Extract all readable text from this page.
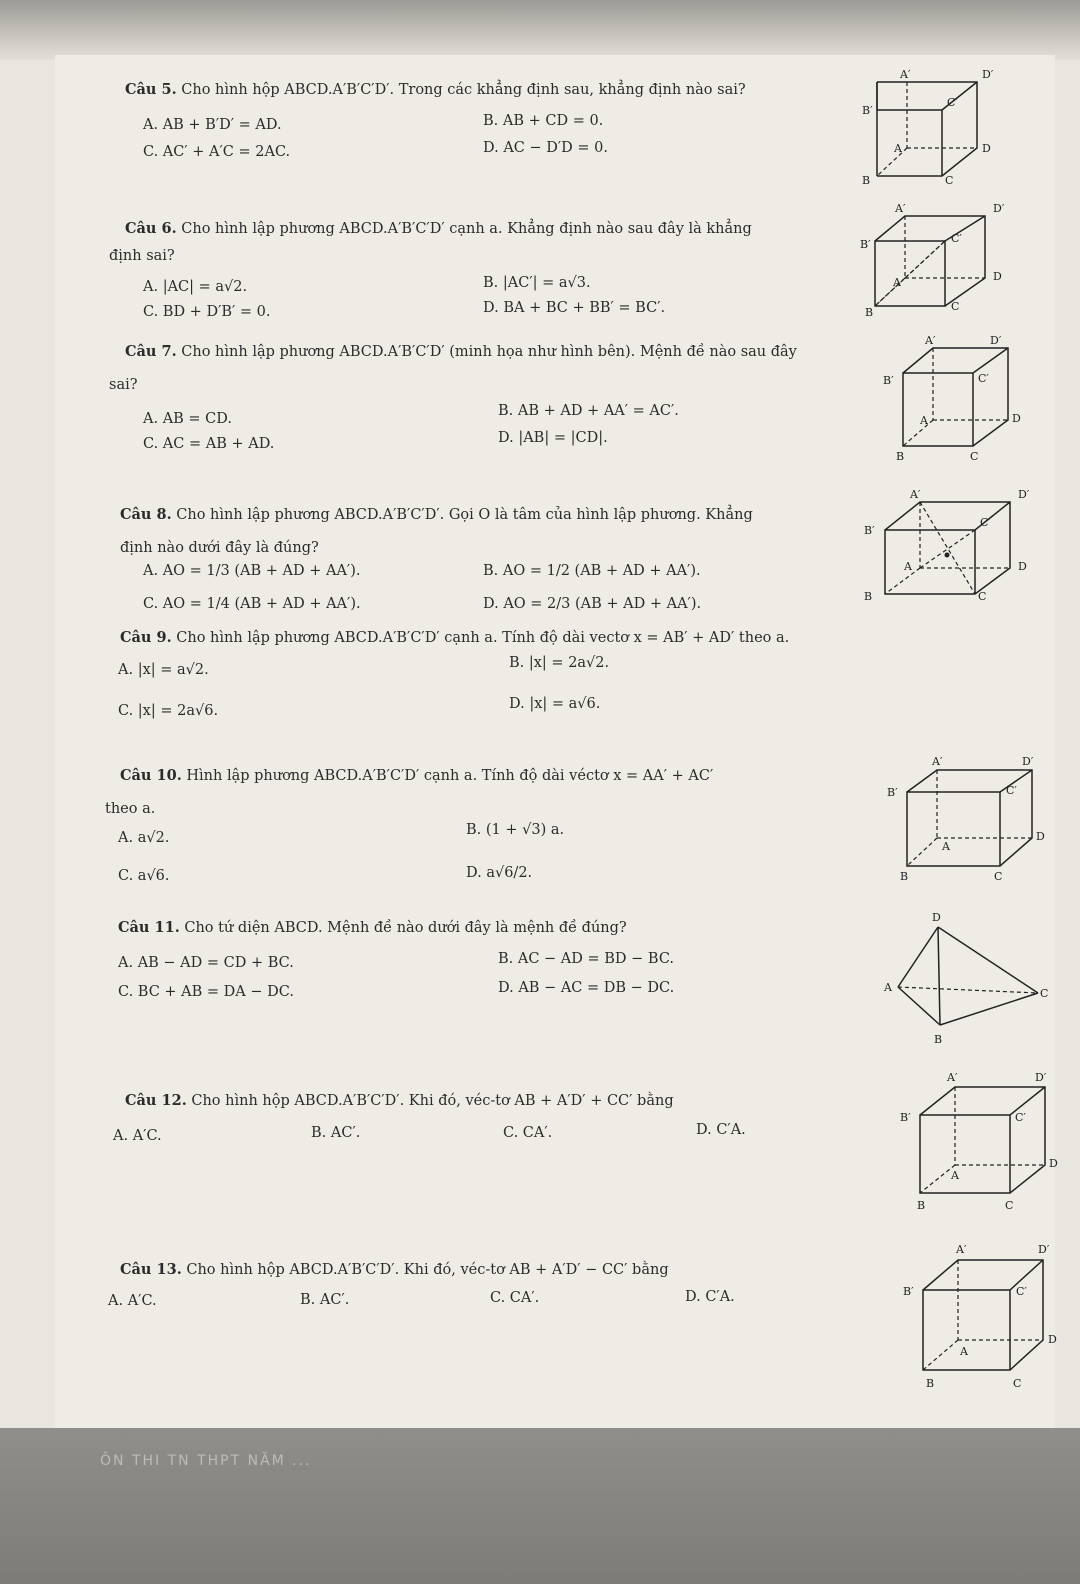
Câu 5. Cho hình hộp ABCD.A′B′C′D′. Trong các khẳng định sau, khẳng định nào sai?
A. AB + B′D′ = AD.	B. AB + CD = 0.
C. AC′ + A′C = 2AC.	D. AC − D′D = 0.
Câu 6. Cho hình lập phương ABCD.A′B′C′D′ cạnh a. Khẳng định nào sau đây là khẳng
định sai?
A. |AC| = a√2.	B. |AC′| = a√3.
C. BD + D′B′ = 0.	D. BA + BC + BB′ = BC′.
Câu 7. Cho hình lập phương ABCD.A′B′C′D′ (minh họa như hình bên). Mệnh đề nào sau đây
sai?
A. AB = CD.	B. AB + AD + AA′ = AC′.
C. AC = AB + AD.	D. |AB| = |CD|.
Câu 8. Cho hình lập phương ABCD.A′B′C′D′. Gọi O là tâm của hình lập phương. Khẳng
định nào dưới đây là đúng?
A. AO = 1/3 (AB + AD + AA′).	B. AO = 1/2 (AB + AD + AA′).
C. AO = 1/4 (AB + AD + AA′).	D. AO = 2/3 (AB + AD + AA′).
Câu 9. Cho hình lập phương ABCD.A′B′C′D′ cạnh a. Tính độ dài vectơ x = AB′ + AD′ theo a.
A. |x| = a√2.	B. |x| = 2a√2.
C. |x| = 2a√6.	D. |x| = a√6.
Câu 10. Hình lập phương ABCD.A′B′C′D′ cạnh a. Tính độ dài véctơ x = AA′ + AC′
theo a.
A. a√2.	B. (1 + √3) a.
C. a√6.	D. a√6/2.
Câu 11. Cho tứ diện ABCD. Mệnh đề nào dưới đây là mệnh đề đúng?
A. AB − AD = CD + BC.	B. AC − AD = BD − BC.
C. BC + AB = DA − DC.	D. AB − AC = DB − DC.
Câu 12. Cho hình hộp ABCD.A′B′C′D′. Khi đó, véc-tơ AB + A′D′ + CC′ bằng
A. A′C.	B. AC′.	C. CA′.	D. C′A.
Câu 13. Cho hình hộp ABCD.A′B′C′D′. Khi đó, véc-tơ AB + A′D′ − CC′ bằng
A. A′C.	B. AC′.	C. CA′.	D. C′A.
A′	D′
B′
C′
A	D
B	C
A′	D′
B′	C′
A	D
B	C
A′	D′
B′	C′
A	D
B	C
A′	D′
B′
C′
A	D
B	C
A′	D′
B′	C′
A
D
B	C
D
A	C
B
A′	D′
B′	C′
A
D
B	C
A′	D′
B′	C′
A
D
B	C
ÔN THI TN THPT NĂM ...
